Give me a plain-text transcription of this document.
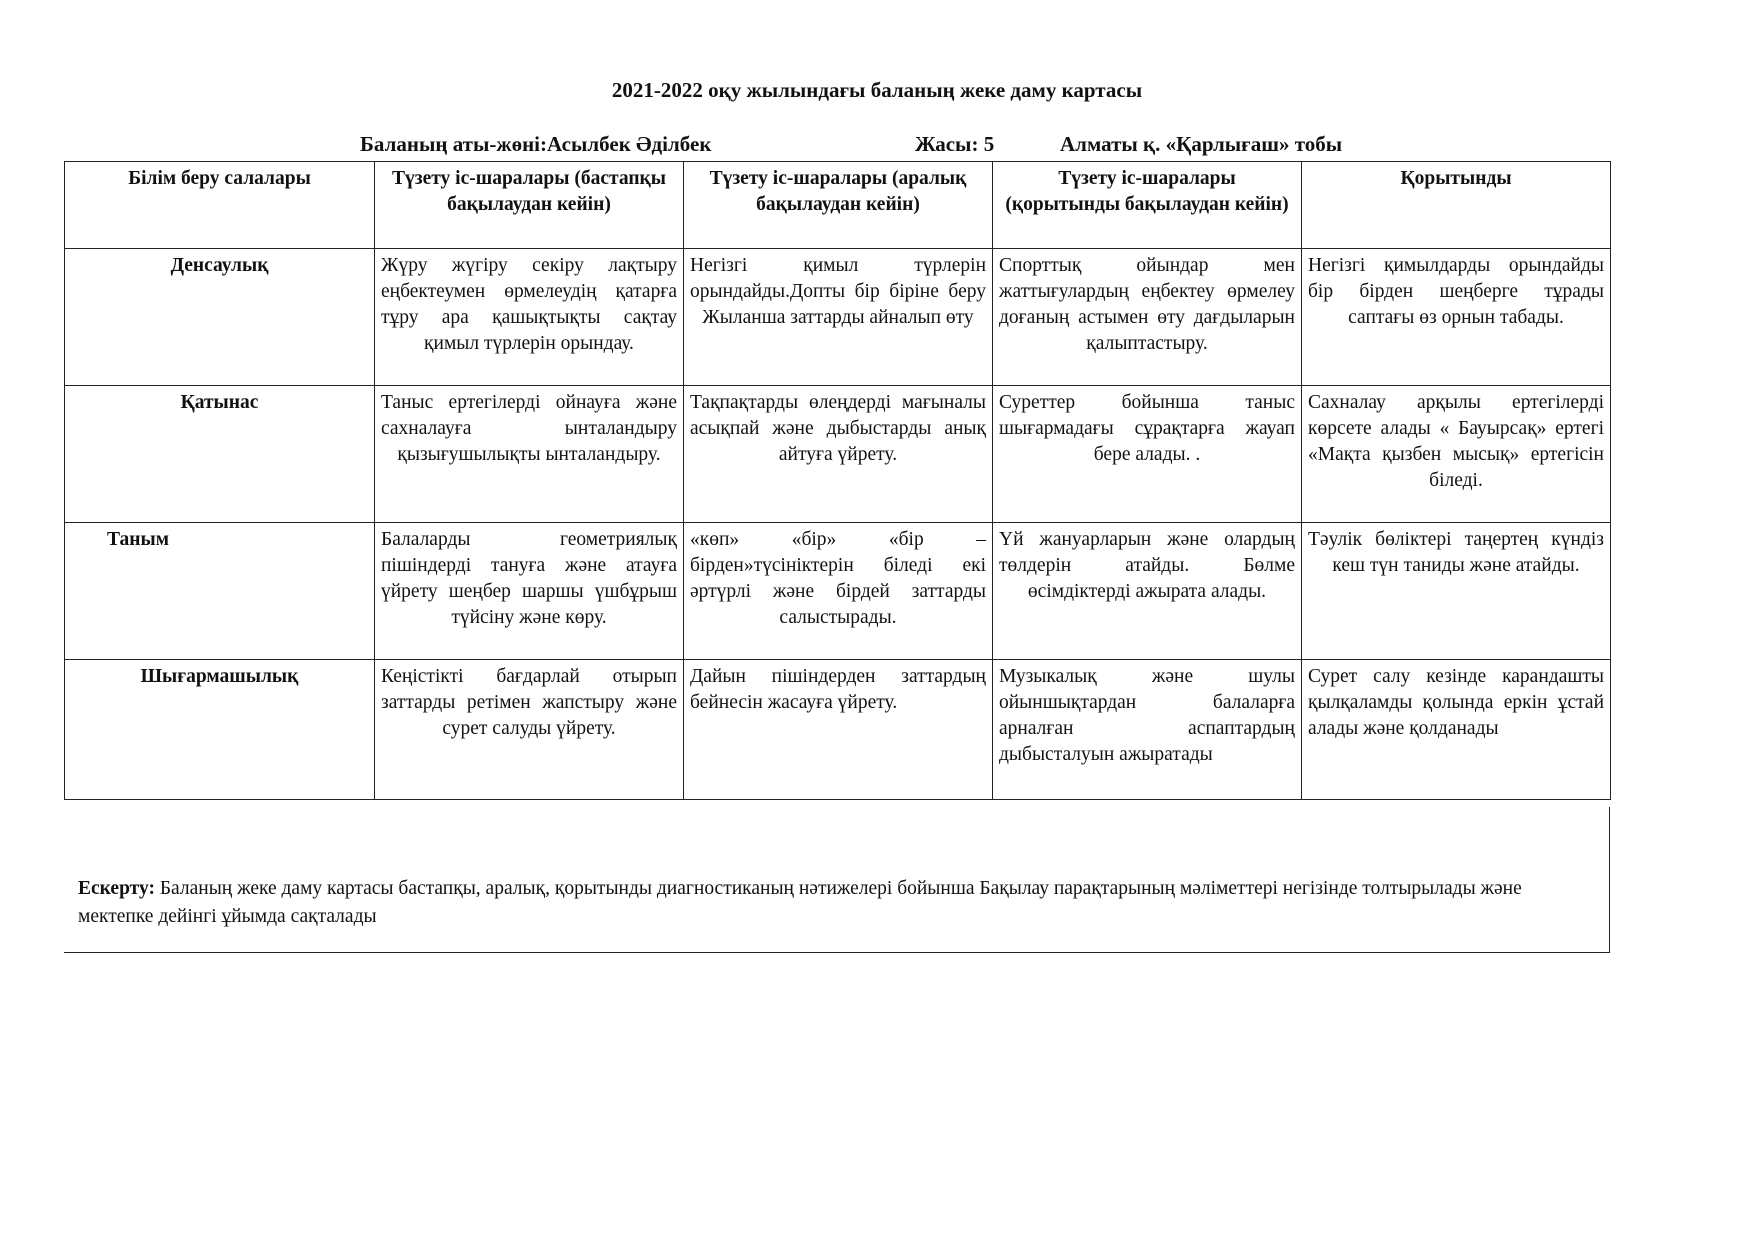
2021-2022 оқу жылындағы баланың жеке даму картасы
Баланың аты-жөні:Асылбек Әділбек	Жасы: 5	Алматы қ. «Қарлығаш» тобы
Білім беру салалары	Түзету іс-шаралары (бастапқы бақылаудан кейін)	Түзету іс-шаралары (аралық бақылаудан кейін)	Түзету іс-шаралары (қорытынды бақылаудан кейін)	Қорытынды
Денсаулық	Жүру жүгіру секіру лақтыру еңбектеумен өрмелеудің қатарға тұру ара қашықтықты сақтау қимыл түрлерін орындау.	Негізгі қимыл түрлерін орындайды.Допты бір біріне беру Жыланша заттарды айналып өту	Спорттық ойындар мен жаттығулардың еңбектеу өрмелеу доғаның астымен өту дағдыларын қалыптастыру.	Негізгі қимылдарды орындайды бір бірден шеңберге тұрады саптағы өз орнын табады.
Қатынас	Таныс ертегілерді ойнауға және сахналауға ынталандыру қызығушылықты ынталандыру.	Тақпақтарды өлеңдерді мағыналы асықпай және дыбыстарды анық айтуға үйрету.	Суреттер бойынша таныс шығармадағы сұрақтарға жауап бере алады. .	Сахналау арқылы ертегілерді көрсете алады « Бауырсақ» ертегі «Мақта қызбен мысық» ертегісін біледі.
Таным	Балаларды геометриялық пішіндерді тануға және атауға үйрету шеңбер шаршы үшбұрыш түйсіну және көру.	«көп» «бір» «бір – бірден»түсініктерін біледі екі әртүрлі және бірдей заттарды салыстырады.	Үй жануарларын және олардың төлдерін атайды. Бөлме өсімдіктерді ажырата алады.	Тәулік бөліктері таңертең күндіз кеш түн таниды және атайды.
Шығармашылық	Кеңістікті бағдарлай отырып заттарды ретімен жапстыру және сурет салуды үйрету.	Дайын пішіндерден заттардың бейнесін жасауға үйрету.	Музыкалық және шулы ойыншықтардан балаларға арналған аспаптардың дыбысталуын ажыратады	Сурет салу кезінде карандашты қылқаламды қолында еркін ұстай алады және қолданады
Ескерту: Баланың жеке даму картасы бастапқы, аралық, қорытынды диагностиканың нәтижелері бойынша Бақылау парақтарының мәліметтері негізінде толтырылады және мектепке дейінгі ұйымда сақталады
